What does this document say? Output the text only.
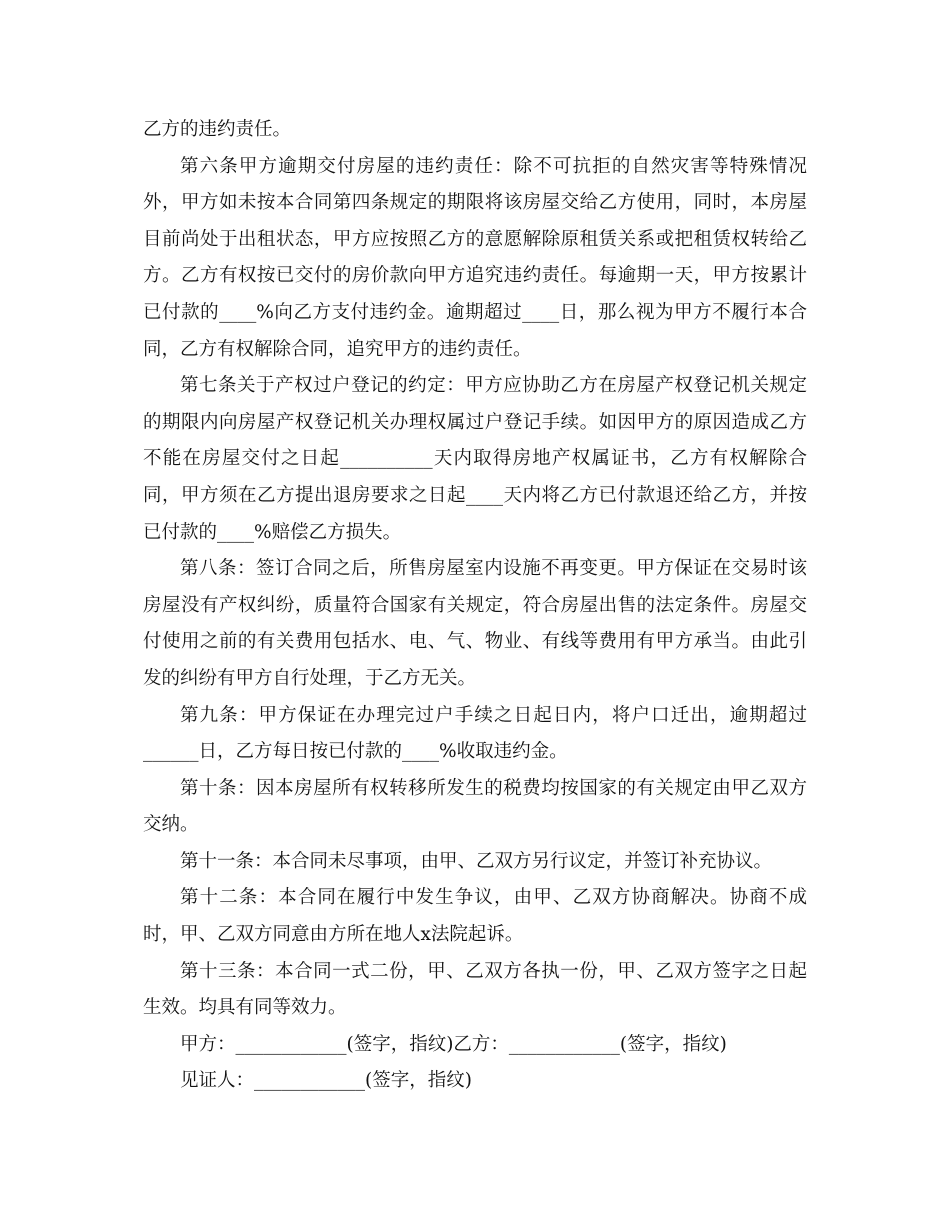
乙方的违约责任。

第六条甲方逾期交付房屋的违约责任：除不可抗拒的自然灾害等特殊情况外，甲方如未按本合同第四条规定的期限将该房屋交给乙方使用，同时，本房屋目前尚处于出租状态，甲方应按照乙方的意愿解除原租赁关系或把租赁权转给乙方。乙方有权按已交付的房价款向甲方追究违约责任。每逾期一天，甲方按累计已付款的____%向乙方支付违约金。逾期超过____日，那么视为甲方不履行本合同，乙方有权解除合同，追究甲方的违约责任。

第七条关于产权过户登记的约定：甲方应协助乙方在房屋产权登记机关规定的期限内向房屋产权登记机关办理权属过户登记手续。如因甲方的原因造成乙方不能在房屋交付之日起__________天内取得房地产权属证书，乙方有权解除合同，甲方须在乙方提出退房要求之日起____天内将乙方已付款退还给乙方，并按已付款的____%赔偿乙方损失。

第八条：签订合同之后，所售房屋室内设施不再变更。甲方保证在交易时该房屋没有产权纠纷，质量符合国家有关规定，符合房屋出售的法定条件。房屋交付使用之前的有关费用包括水、电、气、物业、有线等费用有甲方承当。由此引发的纠纷有甲方自行处理，于乙方无关。

第九条：甲方保证在办理完过户手续之日起日内，将户口迁出，逾期超过______日，乙方每日按已付款的____%收取违约金。

第十条：因本房屋所有权转移所发生的税费均按国家的有关规定由甲乙双方交纳。

第十一条：本合同未尽事项，由甲、乙双方另行议定，并签订补充协议。

第十二条：本合同在履行中发生争议，由甲、乙双方协商解决。协商不成时，甲、乙双方同意由方所在地人x法院起诉。

第十三条：本合同一式二份，甲、乙双方各执一份，甲、乙双方签字之日起生效。均具有同等效力。

甲方：____________(签字，指纹)乙方：____________(签字，指纹)

见证人：____________(签字，指纹)
